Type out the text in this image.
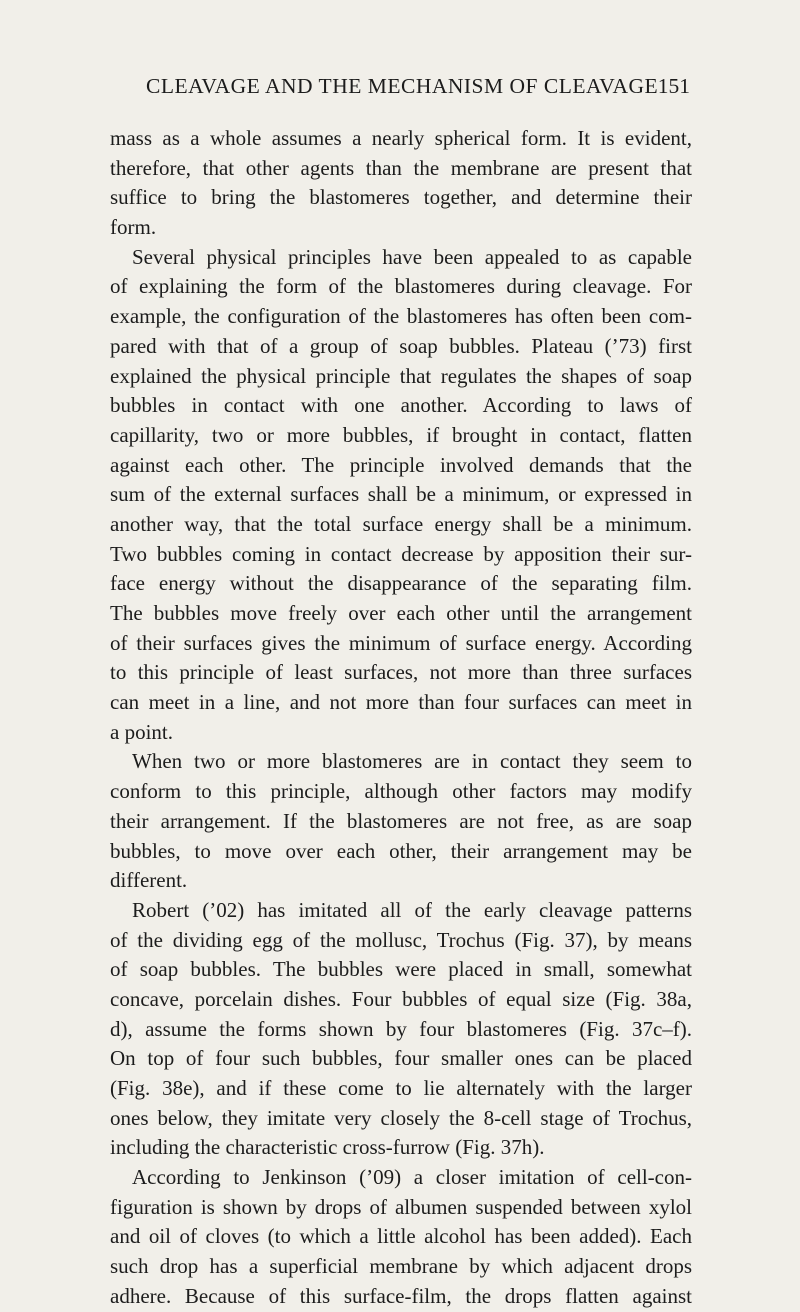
CLEAVAGE AND THE MECHANISM OF CLEAVAGE 151
mass as a whole assumes a nearly spherical form. It is evident,
therefore, that other agents than the membrane are present that
suffice to bring the blastomeres together, and determine their
form.
Several physical principles have been appealed to as capable
of explaining the form of the blastomeres during cleavage. For
example, the configuration of the blastomeres has often been com-
pared with that of a group of soap bubbles. Plateau (’73) first
explained the physical principle that regulates the shapes of soap
bubbles in contact with one another. According to laws of
capillarity, two or more bubbles, if brought in contact, flatten
against each other. The principle involved demands that the
sum of the external surfaces shall be a minimum, or expressed in
another way, that the total surface energy shall be a minimum.
Two bubbles coming in contact decrease by apposition their sur-
face energy without the disappearance of the separating film.
The bubbles move freely over each other until the arrangement
of their surfaces gives the minimum of surface energy. According
to this principle of least surfaces, not more than three surfaces
can meet in a line, and not more than four surfaces can meet in
a point.
When two or more blastomeres are in contact they seem to
conform to this principle, although other factors may modify
their arrangement. If the blastomeres are not free, as are soap
bubbles, to move over each other, their arrangement may be
different.
Robert (’02) has imitated all of the early cleavage patterns
of the dividing egg of the mollusc, Trochus (Fig. 37), by means
of soap bubbles. The bubbles were placed in small, somewhat
concave, porcelain dishes. Four bubbles of equal size (Fig. 38a,
d), assume the forms shown by four blastomeres (Fig. 37c–f).
On top of four such bubbles, four smaller ones can be placed
(Fig. 38e), and if these come to lie alternately with the larger
ones below, they imitate very closely the 8-cell stage of Trochus,
including the characteristic cross-furrow (Fig. 37h).
According to Jenkinson (’09) a closer imitation of cell-con-
figuration is shown by drops of albumen suspended between xylol
and oil of cloves (to which a little alcohol has been added). Each
such drop has a superficial membrane by which adjacent drops
adhere. Because of this surface-film, the drops flatten against
